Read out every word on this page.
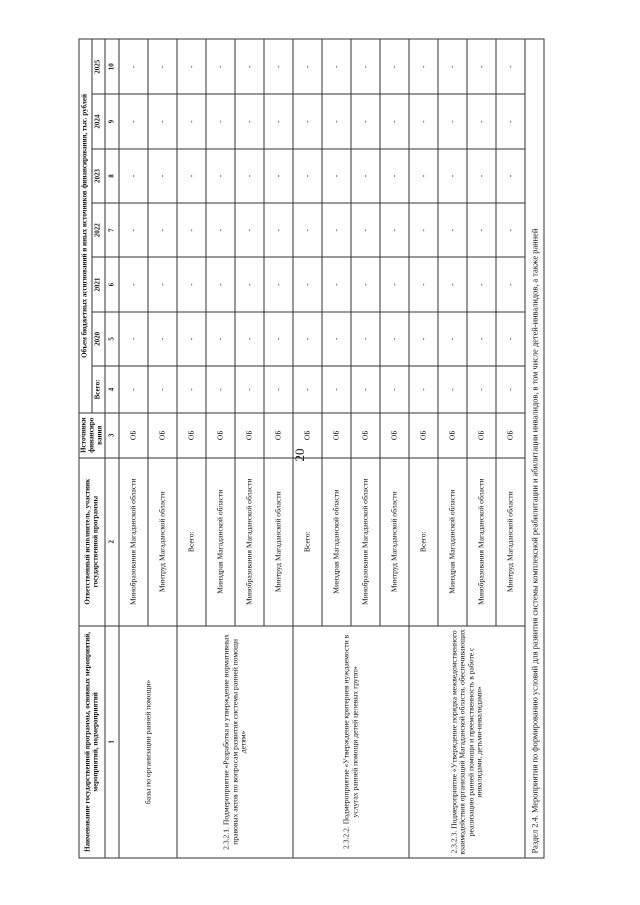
20
Наименование государственной программы, основных мероприятий, мероприятий, подмероприятий	Ответственный исполнитель, участник государственной программы	Источники финансиро вания	Объем бюджетных ассигнований и иных источников финансирования, тыс. рублей						
			Всего:	2020	2021	2022	2023	2024	2025
1	2	3	4	5	6	7	8	9	10
базы по организации ранней помощи»	Минобразования Магаданской области	ОБ	-	-	-	-	-	-	-
	Минтруд Магаданской области	ОБ	-	-	-	-	-	-	-
2.3.2.1. Подмероприятие «Разработка и утверждение нормативных правовых актов по вопросам развития системы ранней помощи детям»	Всего:	ОБ	-	-	-	-	-	-	-
	Минздрав Магаданской области	ОБ	-	-	-	-	-	-	-
	Минобразования Магаданской области	ОБ	-	-	-	-	-	-	-
	Минтруд Магаданской области	ОБ	-	-	-	-	-	-	-
2.3.2.2. Подмероприятие «Утверждение критериев нуждаемости в услугах ранней помощи детей целевых групп»	Всего:	ОБ	-	-	-	-	-	-	-
	Минздрав Магаданской области	ОБ	-	-	-	-	-	-	-
	Минобразования Магаданской области	ОБ	-	-	-	-	-	-	-
	Минтруд Магаданской области	ОБ	-	-	-	-	-	-	-
2.3.2.3. Подмероприятие «Утверждение порядка межведомственного взаимодействия организаций Магаданской области, обеспечивающих реализацию ранней помощи и преемственность в работе с инвалидами, детьми-инвалидами»	Всего:	ОБ	-	-	-	-	-	-	-
	Минздрав Магаданской области	ОБ	-	-	-	-	-	-	-
	Минобразования Магаданской области	ОБ	-	-	-	-	-	-	-
	Минтруд Магаданской области	ОБ	-	-	-	-	-	-	-
Раздел 2.4. Мероприятия по формированию условий для развития системы комплексной реабилитации и абилитации инвалидов, в том числе детей-инвалидов, а также ранней									
